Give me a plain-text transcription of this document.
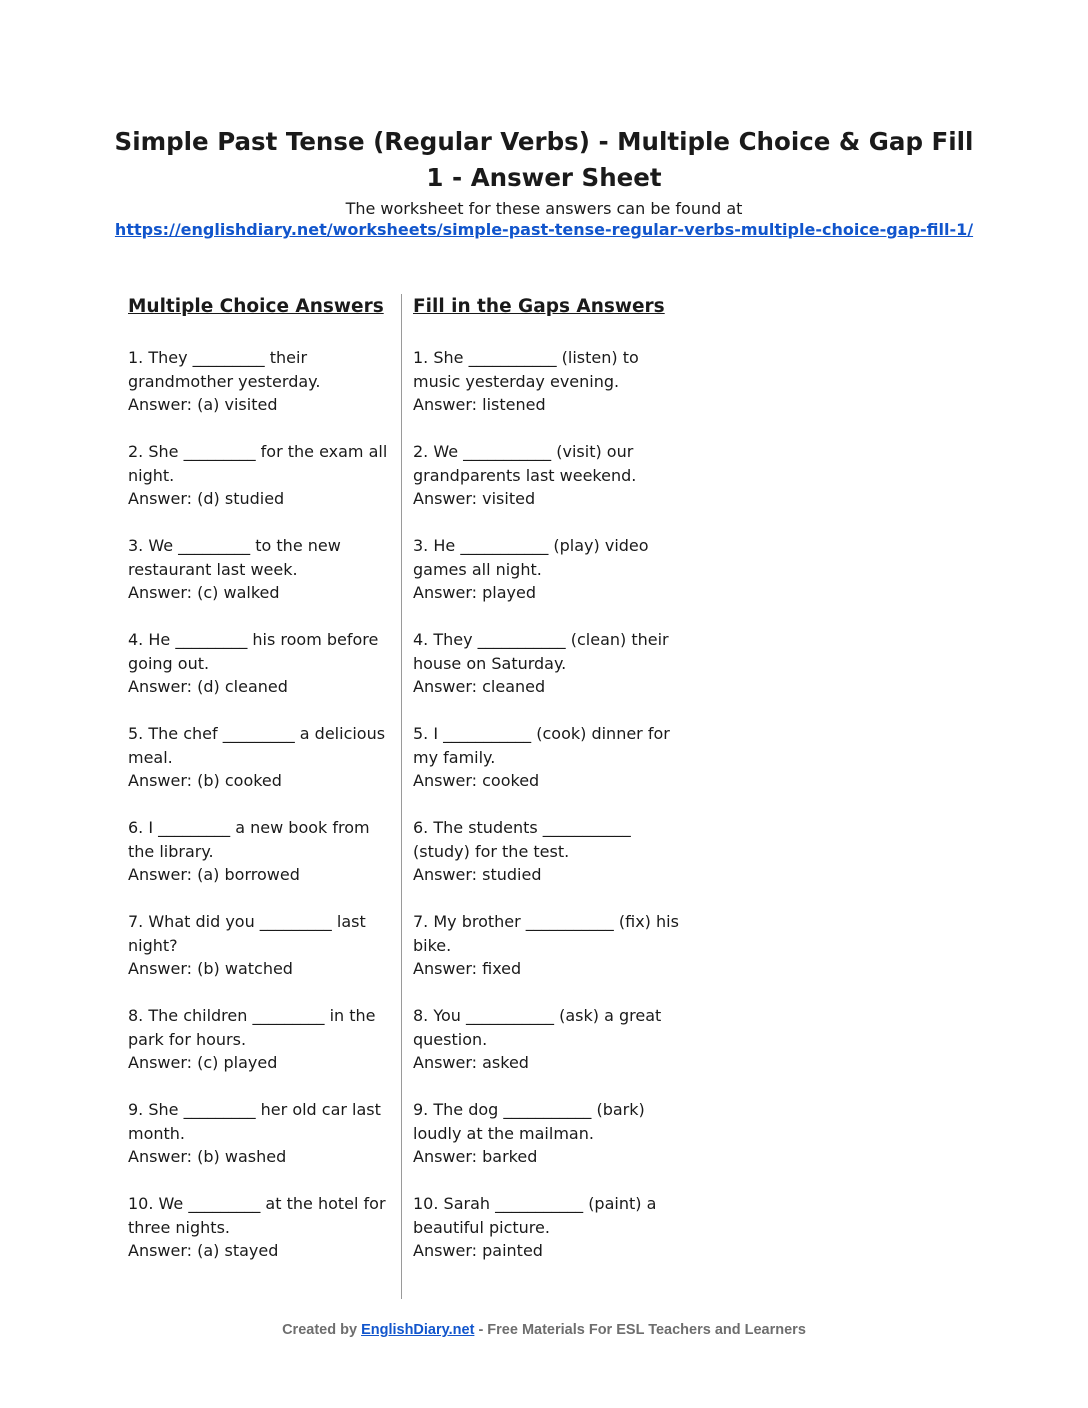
Simple Past Tense (Regular Verbs) - Multiple Choice & Gap Fill 1 - Answer Sheet
The worksheet for these answers can be found at
https://englishdiary.net/worksheets/simple-past-tense-regular-verbs-multiple-choice-gap-fill-1/
Multiple Choice Answers
1. They _________ their grandmother yesterday.
Answer: (a) visited
2. She _________ for the exam all night.
Answer: (d) studied
3. We _________ to the new restaurant last week.
Answer: (c) walked
4. He _________ his room before going out.
Answer: (d) cleaned
5. The chef _________ a delicious meal.
Answer: (b) cooked
6. I _________ a new book from the library.
Answer: (a) borrowed
7. What did you _________ last night?
Answer: (b) watched
8. The children _________ in the park for hours.
Answer: (c) played
9. She _________ her old car last month.
Answer: (b) washed
10. We _________ at the hotel for three nights.
Answer: (a) stayed
Fill in the Gaps Answers
1. She ___________ (listen) to music yesterday evening.
Answer: listened
2. We ___________ (visit) our grandparents last weekend.
Answer: visited
3. He ___________ (play) video games all night.
Answer: played
4. They ___________ (clean) their house on Saturday.
Answer: cleaned
5. I ___________ (cook) dinner for my family.
Answer: cooked
6. The students ___________ (study) for the test.
Answer: studied
7. My brother ___________ (fix) his bike.
Answer: fixed
8. You ___________ (ask) a great question.
Answer: asked
9. The dog ___________ (bark) loudly at the mailman.
Answer: barked
10. Sarah ___________ (paint) a beautiful picture.
Answer: painted
Created by EnglishDiary.net - Free Materials For ESL Teachers and Learners
